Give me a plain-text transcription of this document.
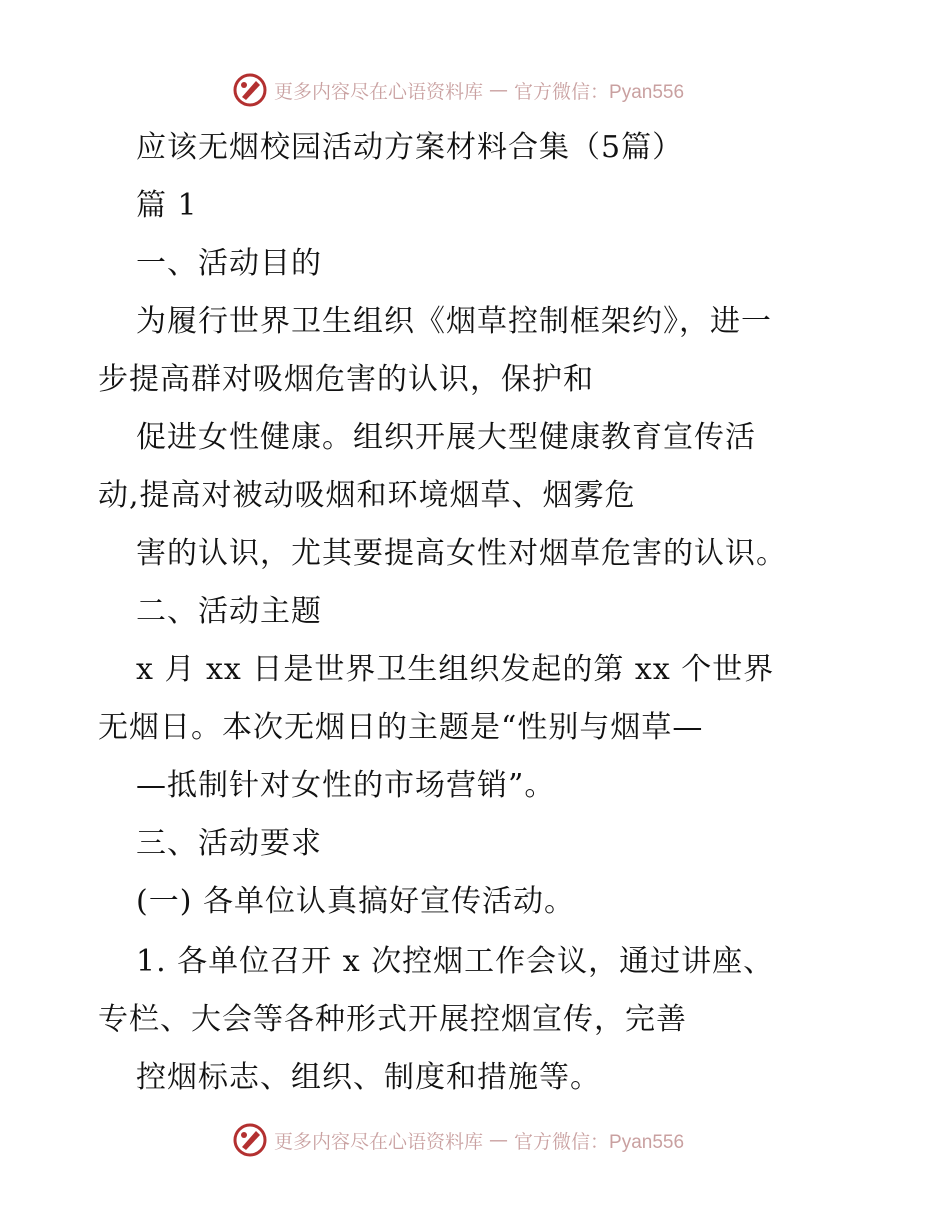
更多内容尽在心语资料库 — 官方微信：Pyan556
应该无烟校园活动方案材料合集（5篇）
篇 1
一、活动目的
为履行世界卫生组织《烟草控制框架约》，进一
步提高群对吸烟危害的认识，保护和
促进女性健康。组织开展大型健康教育宣传活
动,提高对被动吸烟和环境烟草、烟雾危
害的认识，尤其要提高女性对烟草危害的认识。
二、活动主题
x 月 xx 日是世界卫生组织发起的第 xx 个世界
无烟日。本次无烟日的主题是“性别与烟草—
—抵制针对女性的市场营销”。
三、活动要求
(一) 各单位认真搞好宣传活动。
1. 各单位召开 x 次控烟工作会议，通过讲座、
专栏、大会等各种形式开展控烟宣传，完善
控烟标志、组织、制度和措施等。
更多内容尽在心语资料库 — 官方微信：Pyan556
